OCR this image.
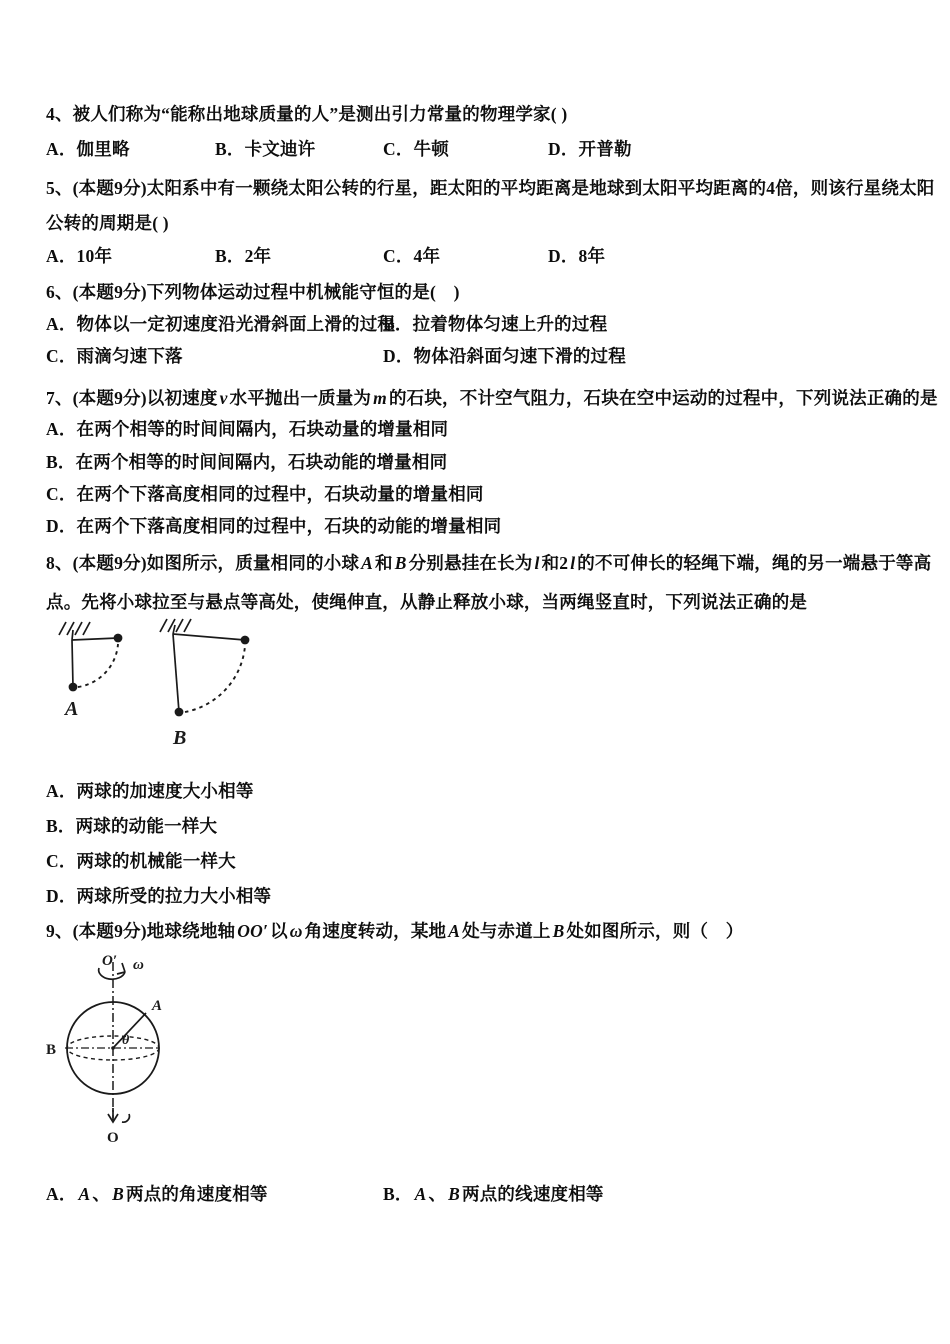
4、被人们称为“能称出地球质量的人”是测出引力常量的物理学家( )
A．伽里略	B．卡文迪许	C．牛顿	D．开普勒
5、(本题9分)太阳系中有一颗绕太阳公转的行星，距太阳的平均距离是地球到太阳平均距离的4倍，则该行星绕太阳
公转的周期是( )
A．10年	B．2年	C．4年	D．8年
6、(本题9分)下列物体运动过程中机械能守恒的是(　)
A．物体以一定初速度沿光滑斜面上滑的过程
B．拉着物体匀速上升的过程
C．雨滴匀速下落	D．物体沿斜面匀速下滑的过程
7、(本题9分)以初速度 v 水平抛出一质量为 m 的石块，不计空气阻力，石块在空中运动的过程中，下列说法正确的是
A．在两个相等的时间间隔内，石块动量的增量相同
B．在两个相等的时间间隔内，石块动能的增量相同
C．在两个下落高度相同的过程中，石块动量的增量相同
D．在两个下落高度相同的过程中，石块的动能的增量相同
8、(本题9分)如图所示，质量相同的小球 A 和 B 分别悬挂在长为 l 和2 l 的不可伸长的轻绳下端，绳的另一端悬于等高
点。先将小球拉至与悬点等高处，使绳伸直，从静止释放小球，当两绳竖直时，下列说法正确的是
A
B
A．两球的加速度大小相等
B．两球的动能一样大
C．两球的机械能一样大
D．两球所受的拉力大小相等
9、(本题9分)地球绕地轴 OO′ 以 ω 角速度转动，某地 A 处与赤道上 B 处如图所示，则（　）
O′ ω
A
B
θ
O
A． A 、 B 两点的角速度相等	B． A 、 B 两点的线速度相等
